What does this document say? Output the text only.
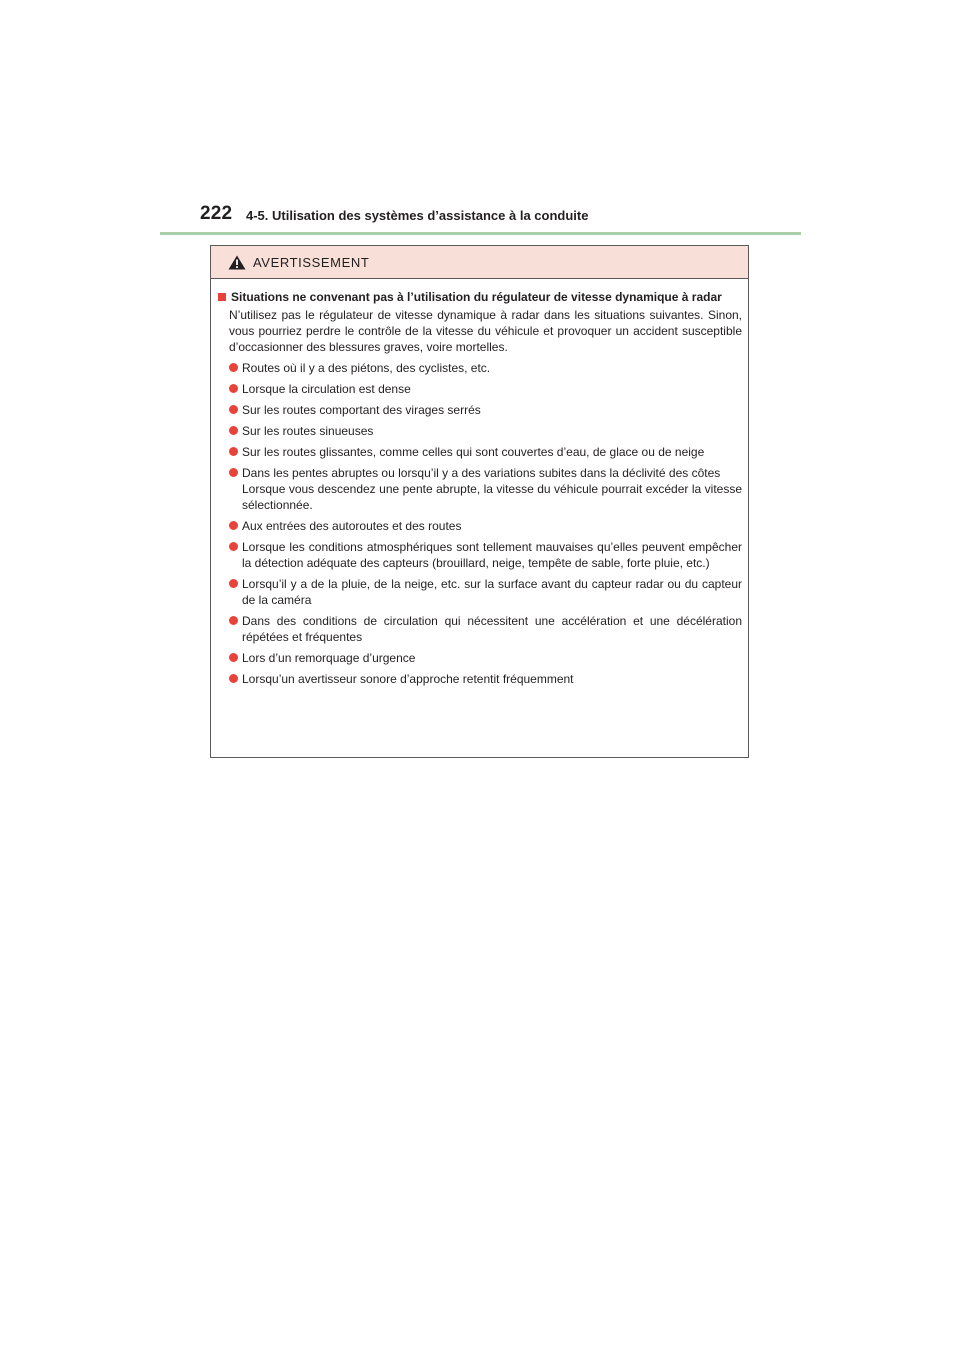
222 4-5. Utilisation des systèmes d’assistance à la conduite
AVERTISSEMENT
Situations ne convenant pas à l’utilisation du régulateur de vitesse dynamique à radar

N’utilisez pas le régulateur de vitesse dynamique à radar dans les situations suivantes. Sinon, vous pourriez perdre le contrôle de la vitesse du véhicule et provoquer un accident susceptible d’occasionner des blessures graves, voire mortelles.

Routes où il y a des piétons, des cyclistes, etc.
Lorsque la circulation est dense
Sur les routes comportant des virages serrés
Sur les routes sinueuses
Sur les routes glissantes, comme celles qui sont couvertes d’eau, de glace ou de neige
Dans les pentes abruptes ou lorsqu’il y a des variations subites dans la déclivité des côtes
Lorsque vous descendez une pente abrupte, la vitesse du véhicule pourrait excéder la vitesse sélectionnée.
Aux entrées des autoroutes et des routes
Lorsque les conditions atmosphériques sont tellement mauvaises qu’elles peuvent empêcher la détection adéquate des capteurs (brouillard, neige, tempête de sable, forte pluie, etc.)
Lorsqu’il y a de la pluie, de la neige, etc. sur la surface avant du capteur radar ou du capteur de la caméra
Dans des conditions de circulation qui nécessitent une accélération et une décélération répétées et fréquentes
Lors d’un remorquage d’urgence
Lorsqu’un avertisseur sonore d’approche retentit fréquemment
